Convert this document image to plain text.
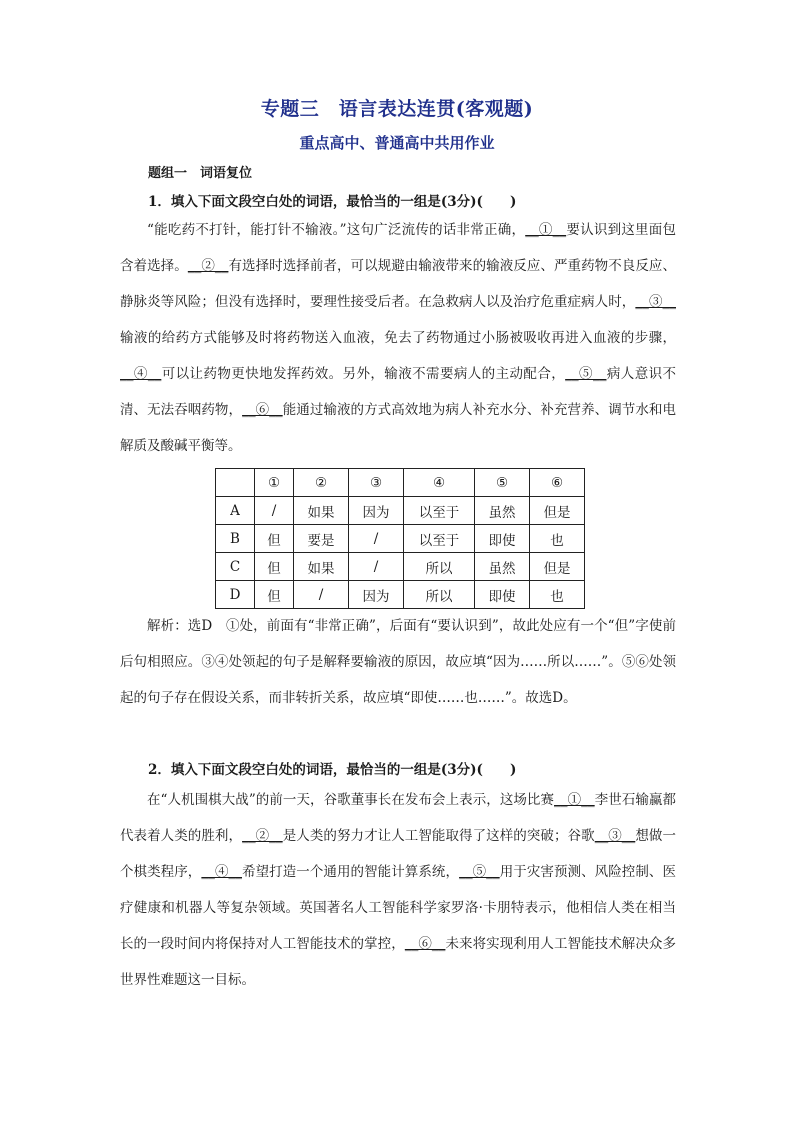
专题三　语言表达连贯(客观题)
重点高中、普通高中共用作业
题组一　词语复位
1．填入下面文段空白处的词语，最恰当的一组是(3分)(　　)

“能吃药不打针，能打针不输液。”这句广泛流传的话非常正确，__①__要认识到这里面包含着选择。__②__有选择时选择前者，可以规避由输液带来的输液反应、严重药物不良反应、静脉炎等风险；但没有选择时，要理性接受后者。在急救病人以及治疗危重症病人时，__③__输液的给药方式能够及时将药物送入血液，免去了药物通过小肠被吸收再进入血液的步骤，__④__可以让药物更快地发挥药效。另外，输液不需要病人的主动配合，__⑤__病人意识不清、无法吞咽药物，__⑥__能通过输液的方式高效地为病人补充水分、补充营养、调节水和电解质及酸碱平衡等。

	①	②	③	④	⑤	⑥
A	/	如果	因为	以至于	虽然	但是
B	但	要是	/	以至于	即使	也
C	但	如果	/	所以	虽然	但是
D	但	/	因为	所以	即使	也

解析：选D　①处，前面有“非常正确”，后面有“要认识到”，故此处应有一个“但”字使前后句相照应。③④处领起的句子是解释要输液的原因，故应填“因为……所以……”。⑤⑥处领起的句子存在假设关系，而非转折关系，故应填“即使……也……”。故选D。

2．填入下面文段空白处的词语，最恰当的一组是(3分)(　　)

在“人机围棋大战”的前一天，谷歌董事长在发布会上表示，这场比赛__①__李世石输赢都代表着人类的胜利，__②__是人类的努力才让人工智能取得了这样的突破；谷歌__③__想做一个棋类程序，__④__希望打造一个通用的智能计算系统，__⑤__用于灾害预测、风险控制、医疗健康和机器人等复杂领域。英国著名人工智能科学家罗洛·卡朋特表示，他相信人类在相当长的一段时间内将保持对人工智能技术的掌控，__⑥__未来将实现利用人工智能技术解决众多世界性难题这一目标。
